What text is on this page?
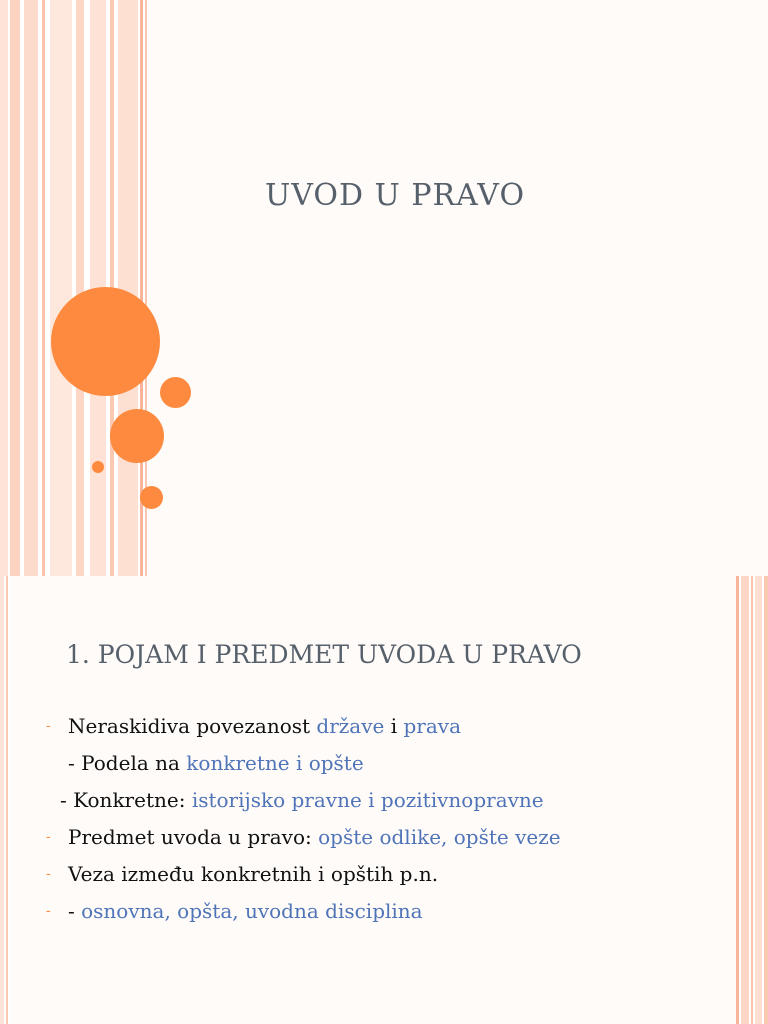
UVOD U PRAVO
1. POJAM I PREDMET UVODA U PRAVO
- Neraskidiva povezanost države i prava
- Podela na konkretne i opšte
- Konkretne: istorijsko pravne i pozitivnopravne
- Predmet uvoda u pravo: opšte odlike, opšte veze
- Veza između konkretnih i opštih p.n.
- - osnovna, opšta, uvodna disciplina
